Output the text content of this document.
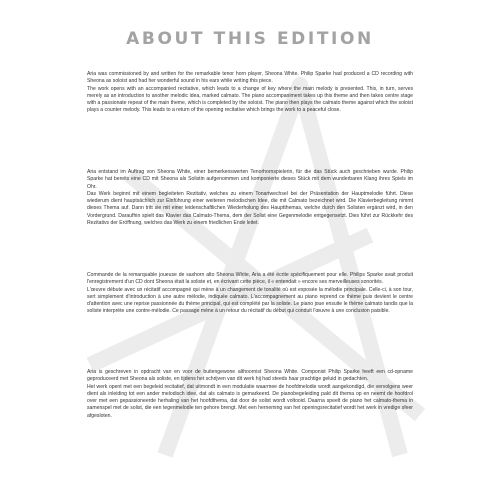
ABOUT THIS EDITION

Aria was commissioned by and written for the remarkable tenor horn player, Sheona White. Philip Sparke had produced a CD recording with Sheona as soloist and had her wonderful sound in his ears while writing this piece.

The work opens with an accompanied recitative, which leads to a change of key where the main melody is presented. This, in turn, serves merely as an introduction to another melodic idea, marked calmato. The piano accompaniment takes up this theme and then takes centre stage with a passionate repeat of the main theme, which is completed by the soloist. The piano then plays the calmato theme against which the soloist plays a counter melody. This leads to a return of the opening recitative which brings the work to a peaceful close.

Aria entstand im Auftrag von Sheona White, einer bemerkenswerten Tenorhornspielerin, für die das Stück auch geschrieben wurde. Philip Sparke hat bereits eine CD mit Sheona als Solistin aufgenommen und komponierte dieses Stück mit dem wunderbaren Klang ihres Spiels im Ohr.

Das Werk beginnt mit einem begleiteten Rezitativ, welches zu einem Tonartwechsel bei der Präsentation der Hauptmelodie führt. Diese wiederum dient hauptsächlich zur Einführung einer weiteren melodischen Idee, die mit Calmato bezeichnet wird. Die Klavierbegleitung nimmt dieses Thema auf. Dann tritt sie mit einer leidenschaftlichen Wiederholung des Hauptthemas, welche durch den Solisten ergänzt wird, in den Vordergrund. Daraufhin spielt das Klavier das Calmato-Thema, dem der Solist eine Gegenmelodie entgegensetzt. Dies führt zur Rückkehr des Rezitativs der Eröffnung, welches das Werk zu einem friedlichen Ende leitet.

Commande de la remarquable joueuse de saxhorn alto Sheona White, Aria a été écrite spécifiquement pour elle. Philips Sparke avait produit l'enregistrement d'un CD dont Sheona était la soliste et, en écrivant cette pièce, il « entendait » encore ses merveilleuses sonorités.

L'œuvre débute avec un récitatif accompagné qui mène à un changement de tonalité où est exposée la mélodie principale. Celle-ci, à son tour, sert simplement d'introduction à une autre mélodie, indiquée calmato. L'accompagnement au piano reprend ce thème puis devient le centre d'attention avec une reprise passionnée du thème principal, qui est complété par la soliste. Le piano joue ensuite le thème calmato tandis que la soliste interprète une contre-mélodie. Ce passage mène à un retour du récitatif du début qui conduit l'œuvre à une conclusion paisible.

Aria is geschreven in opdracht van en voor de buitengewone althoornist Sheona White. Componist Philip Sparke heeft een cd-opname geproduceerd met Sheona als soliste, en tijdens het schrijven van dit werk hij had steeds haar prachtige geluid in gedachten.

Het werk opent met een begeleid recitatief, dat uitmondt in een modulatie waarmee de hoofdmelodie wordt aangekondigd, die vervolgens weer dient als inleiding tot een ander melodisch idee, dat als calmato is gemarkeerd. De pianobegeleiding pakt dit thema op en neemt de hoofdrol over met een gepassioneerde herhaling van het hoofdthema, dat door de solist wordt voltooid. Daarna speelt de piano het calmato-thema in samenspel met de solist, die een tegenmelodie ten gehore brengt. Met een herneming van het openingsrecitatief wordt het werk in vredige sfeer afgesloten.
